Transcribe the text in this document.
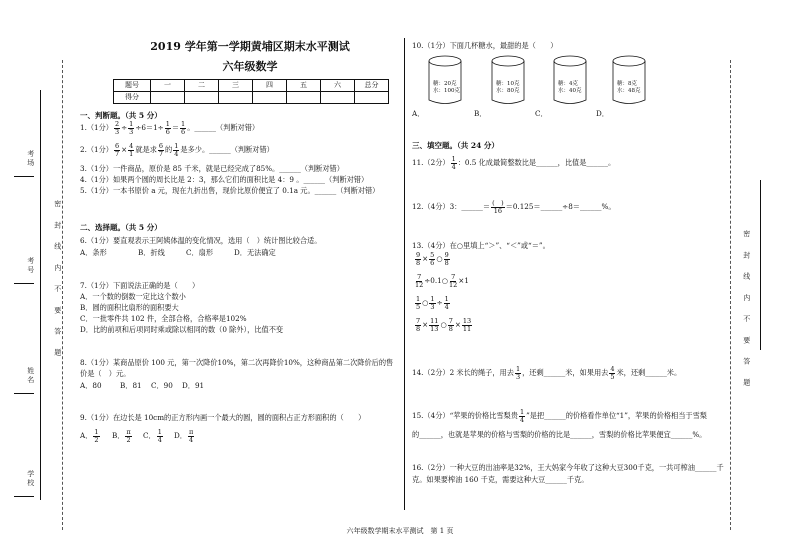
考场
考号
姓名
学校
密 封 线 内 不 要 答 题	密 封 线 内 不 要 答 题
2019 学年第一学期黄埔区期末水平测试
六年级数学
题号	一	二	三	四	五	六	总分
得分							
一、判断题。（共 5 分）
1.（1分） $\frac{2}{3} \div \frac{1}{3} \div 6=1\div \frac{1}{6} = \frac{1}{6}$ 。______（判断对错）
2.（1分） $\frac{6}{7} \times \frac{4}{1}$ 就是求 $\frac{6}{7}$ 的 $\frac{1}{4}$ 是多少。______（判断对错）
3.（1分）一件商品，原价是 85 千米，就是已经完成了85%。______（判断对错）
4.（1分）如果两个圆的周长比是 2：3，那么它们的面积比是 4：9 。______（判断对错）
5.（1分）一本书原价 a 元，现在九折出售，现价比原价便宜了 0.1a 元。______（判断对错）
二、选择题。（共 5 分）
6.（1分）要直观表示王阿姨体温的变化情况，选用（　）统计图比较合适。
A．条形	B．折线	C．扇形	D．无法确定
7.（1分）下面说法正确的是（　　）
A．一个数的倒数一定比这个数小
B．圆的面积比扇形的面积要大
C．一批零件共 102 件，全部合格，合格率是102%
D．比的前项和后项同时乘或除以相同的数（0 除外），比值不变
8.（1分）某商品原价 100 元，第一次降价10%，第二次再降价10%，这种商品第二次降价后的售
价是（　）元。
A．80	B．81 C．90 D．91
9.（1分）在边长是 10cm的正方形内画一个最大的圆，圆的面积占正方形面积的（　　）
A． $\frac{1}{2}$ B． $\frac{\pi}{2}$ C． $\frac{1}{4}$ D． $\frac{\pi}{4}$
10.（1分）下面几杯糖水，最甜的是（　　）
糖：20克
水：100克
糖：10克
水：80克
糖：4克
水：40克
糖：8克
水：48克
A．	B．	C．	D．
三、填空题。（共 24 分）
11.（2分） $\frac{1}{4}$ ：0.5 化成最简整数比是______，比值是______。
12.（4分）3：______＝ $\frac{( )}{16}$ ＝0.125＝______÷8＝______%。
13.（4分）在○里填上“＞”、“＜”或“＝”。
$\frac{9}{8} \times \frac{5}{6}$ ○ $\frac{9}{8}$
$\frac{7}{12}$ ÷0.1○ $\frac{7}{12} \times 1$
$\frac{1}{5}$ ○ $\frac{1}{3} \div \frac{1}{4}$
$\frac{7}{8} \times \frac{11}{13}$ ○ $\frac{7}{8} \times \frac{13}{11}$
14.（2分）2 米长的绳子，用去 $\frac{1}{3}$ ，还剩______米，如果用去 $\frac{4}{5}$ 米，还剩______米。
15.（4分）“苹果的价格比雪梨贵 $\frac{1}{4}$ ”是把______的价格看作单位“1”，苹果的价格相当于雪梨
的______，也就是苹果的价格与雪梨的价格的比是______，雪梨的价格比苹果便宜______%。
16.（2分）一种大豆的出油率是32%，王大妈家今年收了这种大豆300千克，一共可榨油______千
克。如果要榨油 160 千克，需要这种大豆______千克。
六年级数学期末水平测试　第 1 页
